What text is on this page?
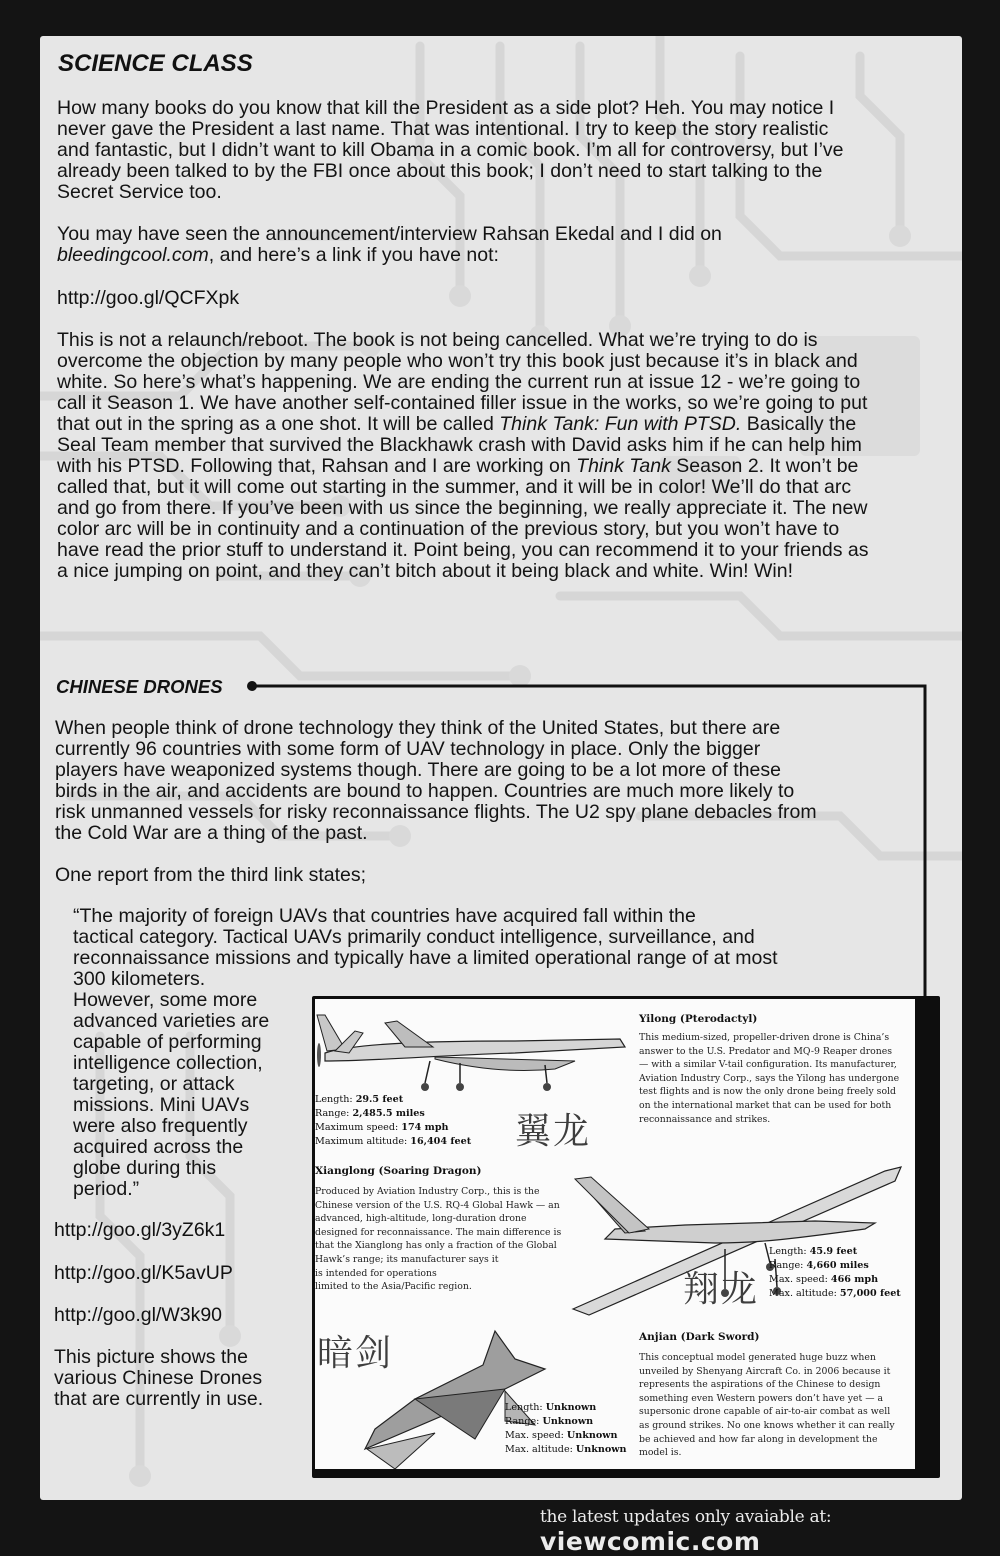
SCIENCE CLASS
How many books do you know that kill the President as a side plot? Heh. You may notice I
never gave the President a last name. That was intentional. I try to keep the story realistic
and fantastic, but I didn’t want to kill Obama in a comic book. I’m all for controversy, but I’ve
already been talked to by the FBI once about this book; I don’t need to start talking to the
Secret Service too.
You may have seen the announcement/interview Rahsan Ekedal and I did on
bleedingcool.com, and here’s a link if you have not:
http://goo.gl/QCFXpk
This is not a relaunch/reboot. The book is not being cancelled. What we’re trying to do is
overcome the objection by many people who won’t try this book just because it’s in black and
white. So here’s what’s happening. We are ending the current run at issue 12 - we’re going to
call it Season 1. We have another self-contained filler issue in the works, so we’re going to put
that out in the spring as a one shot. It will be called Think Tank: Fun with PTSD. Basically the
Seal Team member that survived the Blackhawk crash with David asks him if he can help him
with his PTSD. Following that, Rahsan and I are working on Think Tank Season 2. It won’t be
called that, but it will come out starting in the summer, and it will be in color! We’ll do that arc
and go from there. If you’ve been with us since the beginning, we really appreciate it. The new
color arc will be in continuity and a continuation of the previous story, but you won’t have to
have read the prior stuff to understand it. Point being, you can recommend it to your friends as
a nice jumping on point, and they can’t bitch about it being black and white. Win! Win!
CHINESE DRONES
When people think of drone technology they think of the United States, but there are
currently 96 countries with some form of UAV technology in place. Only the bigger
players have weaponized systems though. There are going to be a lot more of these
birds in the air, and accidents are bound to happen. Countries are much more likely to
risk unmanned vessels for risky reconnaissance flights. The U2 spy plane debacles from
the Cold War are a thing of the past.
One report from the third link states;
“The majority of foreign UAVs that countries have acquired fall within the
tactical category. Tactical UAVs primarily conduct intelligence, surveillance, and
reconnaissance missions and typically have a limited operational range of at most
300 kilometers.
However, some more
advanced varieties are
capable of performing
intelligence collection,
targeting, or attack
missions. Mini UAVs
were also frequently
acquired across the
globe during this
period.”
http://goo.gl/3yZ6k1
http://goo.gl/K5avUP
http://goo.gl/W3k90
This picture shows the
various Chinese Drones
that are currently in use.
Yilong (Pterodactyl)
This medium-sized, propeller-driven drone is China’s
answer to the U.S. Predator and MQ-9 Reaper drones
— with a similar V-tail configuration. Its manufacturer,
Aviation Industry Corp., says the Yilong has undergone
test flights and is now the only drone being freely sold
on the international market that can be used for both
reconnaissance and strikes.
Length: 29.5 feet
Range: 2,485.5 miles
Maximum speed: 174 mph
Maximum altitude: 16,404 feet 翼龙
Xianglong (Soaring Dragon)
Produced by Aviation Industry Corp., this is the
Chinese version of the U.S. RQ-4 Global Hawk — an
advanced, high-altitude, long-duration drone
designed for reconnaissance. The main difference is
that the Xianglong has only a fraction of the Global
Hawk’s range; its manufacturer says it
is intended for operations
limited to the Asia/Pacific region.	翔龙
Length: 45.9 feet
Range: 4,660 miles
Max. speed: 466 mph
Max. altitude: 57,000 feet
暗剑
Length: Unknown
Range: Unknown
Max. speed: Unknown
Max. altitude: Unknown
Anjian (Dark Sword)
This conceptual model generated huge buzz when
unveiled by Shenyang Aircraft Co. in 2006 because it
represents the aspirations of the Chinese to design
something even Western powers don’t have yet — a
supersonic drone capable of air-to-air combat as well
as ground strikes. No one knows whether it can really
be achieved and how far along in development the
model is.
the latest updates only avaiable at: viewcomic.com
